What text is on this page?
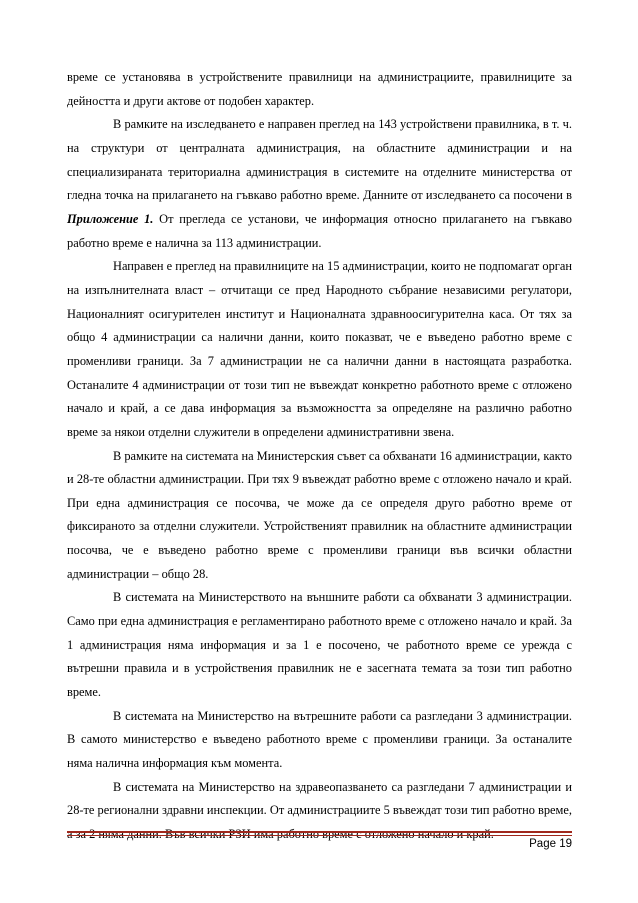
време се установява в устройствените правилници на администрациите, правилниците за дейността и други актове от подобен характер.

В рамките на изследването е направен преглед на 143 устройствени правилника, в т. ч. на структури от централната администрация, на областните администрации и на специализираната териториална администрация в системите на отделните министерства от гледна точка на прилагането на гъвкаво работно време. Данните от изследването са посочени в Приложение 1. От прегледа се установи, че информация относно прилагането на гъвкаво работно време е налична за 113 администрации.

Направен е преглед на правилниците на 15 администрации, които не подпомагат орган на изпълнителната власт – отчитащи се пред Народното събрание независими регулатори, Националният осигурителен институт и Националната здравноосигурителна каса. От тях за общо 4 администрации са налични данни, които показват, че е въведено работно време с променливи граници. За 7 администрации не са налични данни в настоящата разработка. Останалите 4 администрации от този тип не въвеждат конкретно работното време с отложено начало и край, а се дава информация за възможността за определяне на различно работно време за някои отделни служители в определени административни звена.

В рамките на системата на Министерския съвет са обхванати 16 администрации, както и 28-те областни администрации. При тях 9 въвеждат работно време с отложено начало и край. При една администрация се посочва, че може да се определя друго работно време от фиксираното за отделни служители. Устройственият правилник на областните администрации посочва, че е въведено работно време с променливи граници във всички областни администрации – общо 28.

В системата на Министерството на външните работи са обхванати 3 администрации. Само при една администрация е регламентирано работното време с отложено начало и край. За 1 администрация няма информация и за 1 е посочено, че работното време се урежда с вътрешни правила и в устройствения правилник не е засегната темата за този тип работно време.

В системата на Министерство на вътрешните работи са разгледани 3 администрации. В самото министерство е въведено работното време с променливи граници. За останалите няма налична информация към момента.

В системата на Министерство на здравеопазването са разгледани 7 администрации и 28-те регионални здравни инспекции. От администрациите 5 въвеждат този тип работно време,

Page 19
